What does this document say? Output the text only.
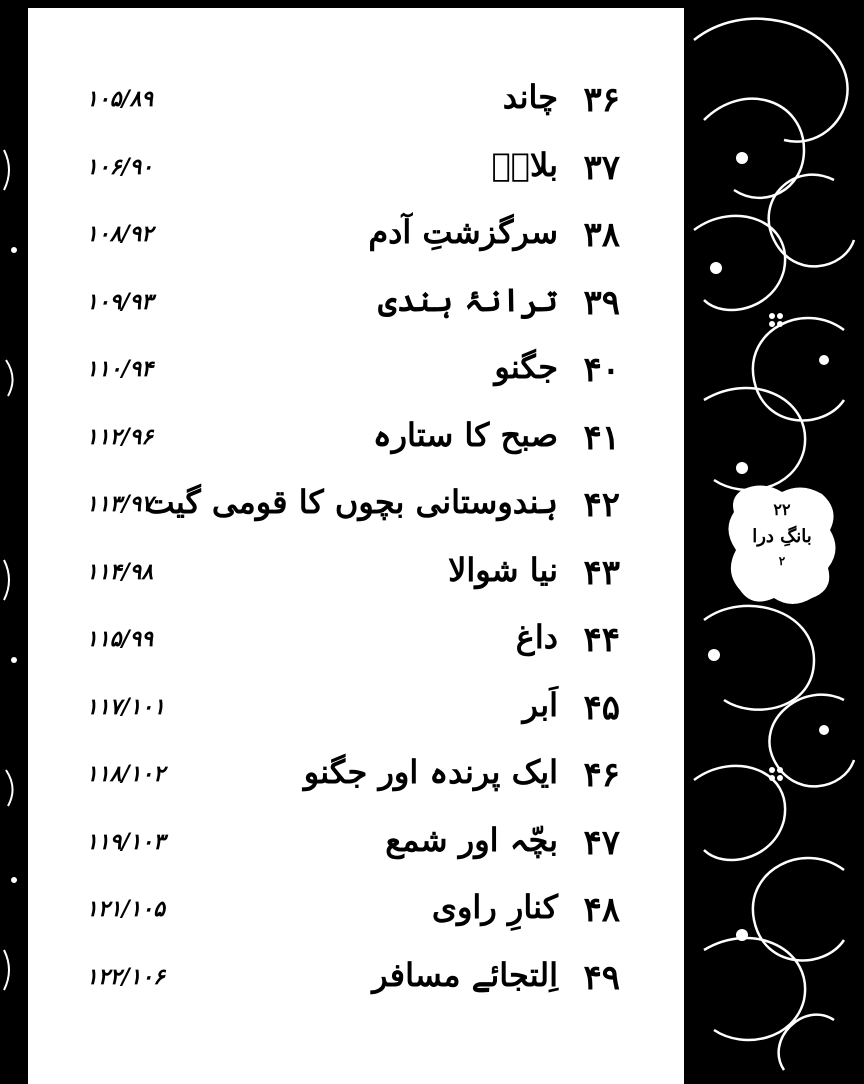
۲۲
بانگِ درا
۲
۳۶
چاند
۱۰۵/۸۹
۳۷
بلالؓ
۱۰۶/۹۰
۳۸
سرگزشتِ آدم
۱۰۸/۹۲
۳۹
ترانۂ ہندی
۱۰۹/۹۳
۴۰
جگنو
۱۱۰/۹۴
۴۱
صبح کا ستارہ
۱۱۲/۹۶
۴۲
ہندوستانی بچوں کا قومی گیت
۱۱۳/۹۷
۴۳
نیا شوالا
۱۱۴/۹۸
۴۴
داغ
۱۱۵/۹۹
۴۵
اَبر
۱۱۷/۱۰۱
۴۶
ایک پرندہ اور جگنو
۱۱۸/۱۰۲
۴۷
بچّہ اور شمع
۱۱۹/۱۰۳
۴۸
کنارِ راوی
۱۲۱/۱۰۵
۴۹
اِلتجائے مسافر
۱۲۲/۱۰۶
